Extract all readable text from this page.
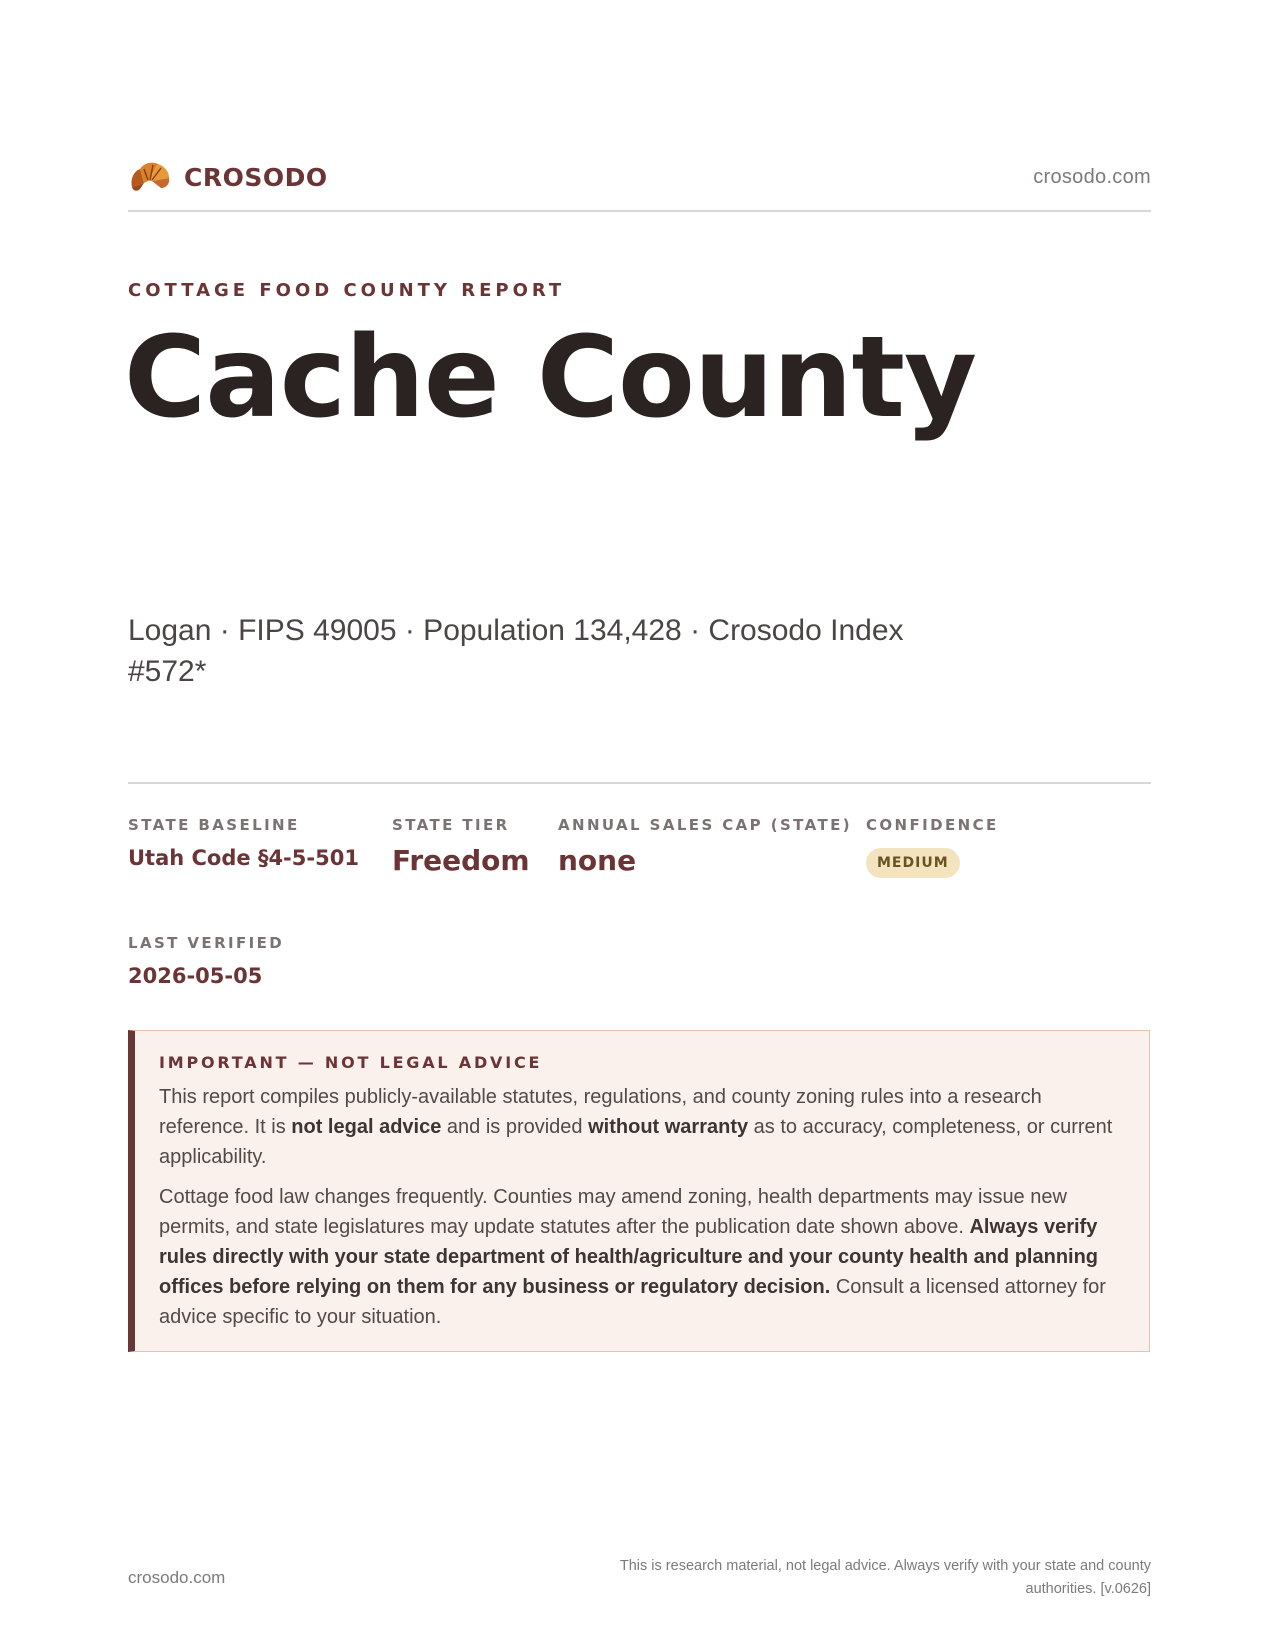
CROSODO	crosodo.com
COTTAGE FOOD COUNTY REPORT
Cache County
Logan · FIPS 49005 · Population 134,428 · Crosodo Index #572*
STATE BASELINE
Utah Code §4-5-501
STATE TIER
Freedom
ANNUAL SALES CAP (STATE)
none
CONFIDENCE
MEDIUM
LAST VERIFIED
2026-05-05
IMPORTANT — NOT LEGAL ADVICE

This report compiles publicly-available statutes, regulations, and county zoning rules into a research reference. It is not legal advice and is provided without warranty as to accuracy, completeness, or current applicability.

Cottage food law changes frequently. Counties may amend zoning, health departments may issue new permits, and state legislatures may update statutes after the publication date shown above. Always verify rules directly with your state department of health/agriculture and your county health and planning offices before relying on them for any business or regulatory decision. Consult a licensed attorney for advice specific to your situation.

crosodo.com
This is research material, not legal advice. Always verify with your state and county authorities. [v.0626]
